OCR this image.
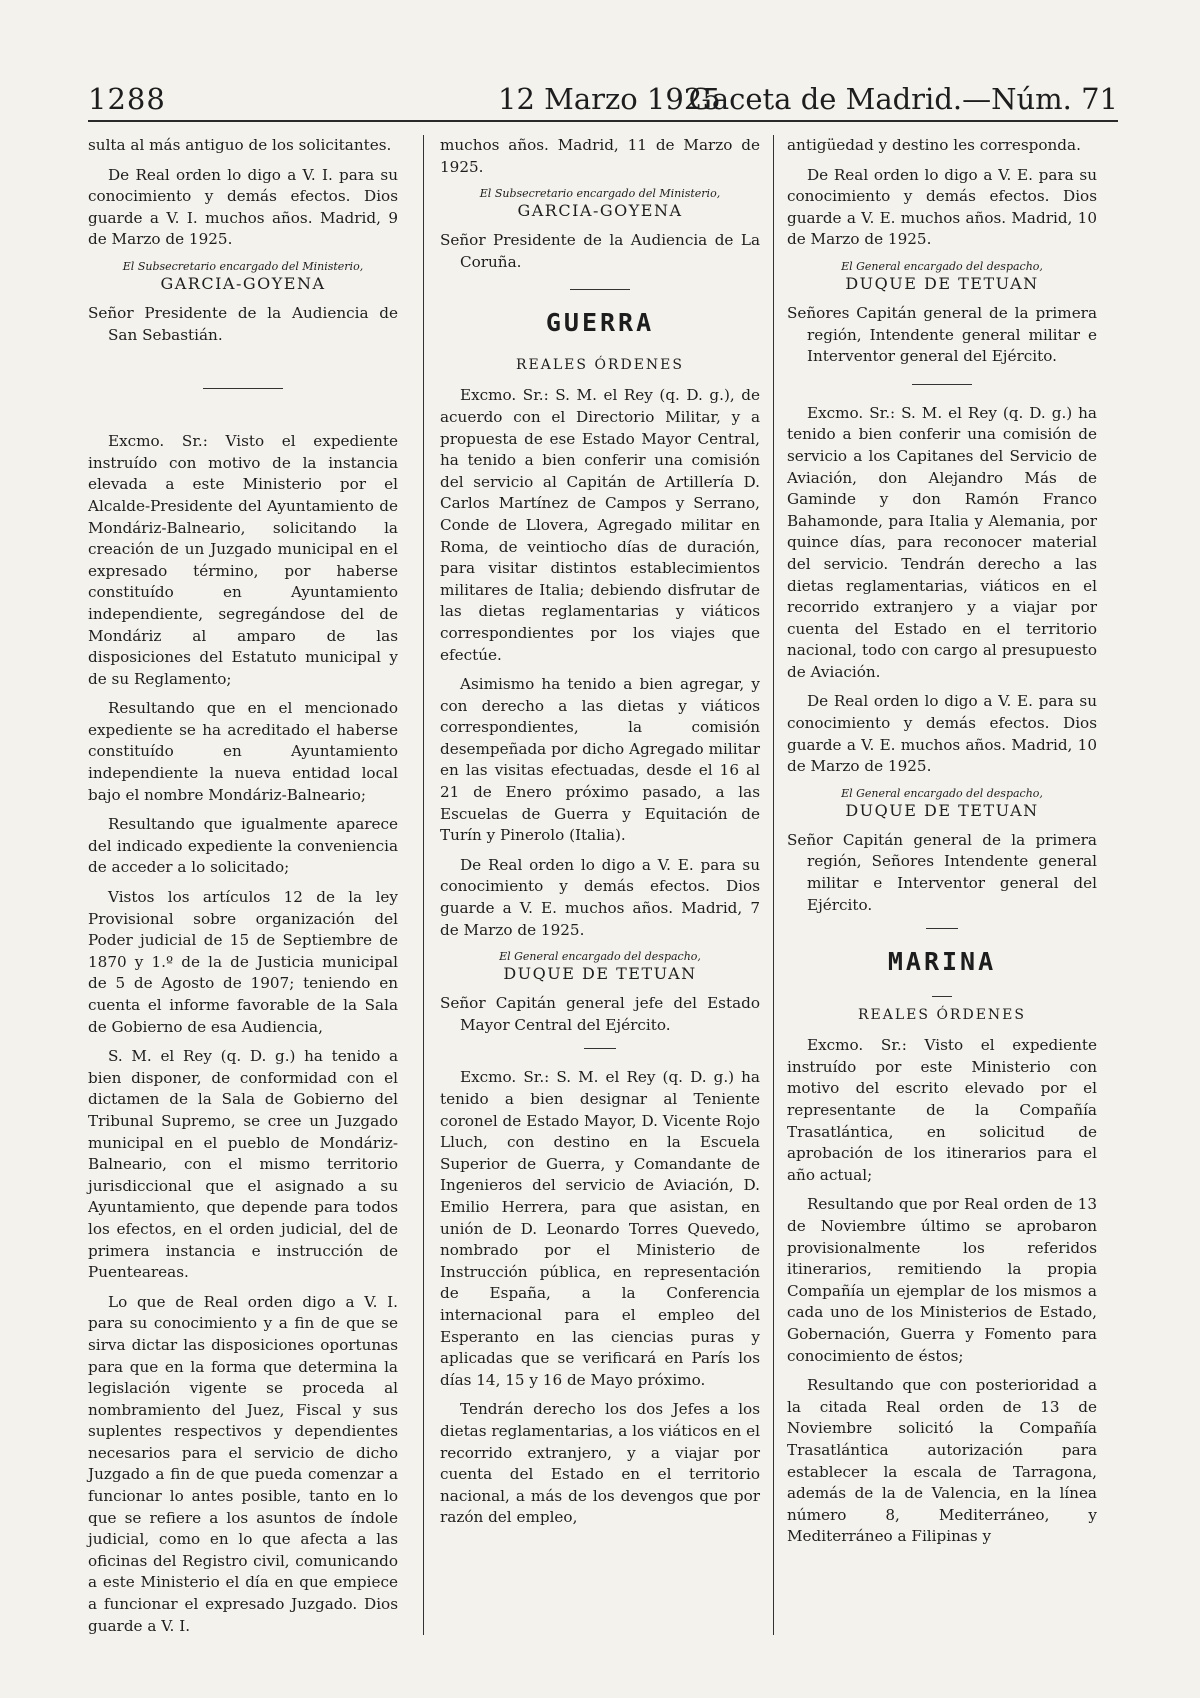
1288	12 Marzo 1925
Gaceta de Madrid.—Núm. 71

sulta al más antiguo de los solicitantes.

De Real orden lo digo a V. I. para su conocimiento y demás efectos. Dios guarde a V. I. muchos años. Madrid, 9 de Marzo de 1925.

El Subsecretario encargado del Ministerio,
GARCIA-GOYENA

Señor Presidente de la Audiencia de San Sebastián.

Excmo. Sr.: Visto el expediente instruído con motivo de la instancia elevada a este Ministerio por el Alcalde-Presidente del Ayuntamiento de Mondáriz-Balneario, solicitando la creación de un Juzgado municipal en el expresado término, por haberse constituído en Ayuntamiento independiente, segregándose del de Mondáriz al amparo de las disposiciones del Estatuto municipal y de su Reglamento;

Resultando que en el mencionado expediente se ha acreditado el haberse constituído en Ayuntamiento independiente la nueva entidad local bajo el nombre Mondáriz-Balneario;

Resultando que igualmente aparece del indicado expediente la conveniencia de acceder a lo solicitado;

Vistos los artículos 12 de la ley Provisional sobre organización del Poder judicial de 15 de Septiembre de 1870 y 1.º de la de Justicia municipal de 5 de Agosto de 1907; teniendo en cuenta el informe favorable de la Sala de Gobierno de esa Audiencia,

S. M. el Rey (q. D. g.) ha tenido a bien disponer, de conformidad con el dictamen de la Sala de Gobierno del Tribunal Supremo, se cree un Juzgado municipal en el pueblo de Mondáriz-Balneario, con el mismo territorio jurisdiccional que el asignado a su Ayuntamiento, que depende para todos los efectos, en el orden judicial, del de primera instancia e instrucción de Puenteareas.

Lo que de Real orden digo a V. I. para su conocimiento y a fin de que se sirva dictar las disposiciones oportunas para que en la forma que determina la legislación vigente se proceda al nombramiento del Juez, Fiscal y sus suplentes respectivos y dependientes necesarios para el servicio de dicho Juzgado a fin de que pueda comenzar a funcionar lo antes posible, tanto en lo que se refiere a los asuntos de índole judicial, como en lo que afecta a las oficinas del Registro civil, comunicando a este Ministerio el día en que empiece a funcionar el expresado Juzgado. Dios guarde a V. I.

muchos años. Madrid, 11 de Marzo de 1925.

El Subsecretario encargado del Ministerio,
GARCIA-GOYENA

Señor Presidente de la Audiencia de La Coruña.

GUERRA
REALES ÓRDENES

Excmo. Sr.: S. M. el Rey (q. D. g.), de acuerdo con el Directorio Militar, y a propuesta de ese Estado Mayor Central, ha tenido a bien conferir una comisión del servicio al Capitán de Artillería D. Carlos Martínez de Campos y Serrano, Conde de Llovera, Agregado militar en Roma, de veintiocho días de duración, para visitar distintos establecimientos militares de Italia; debiendo disfrutar de las dietas reglamentarias y viáticos correspondientes por los viajes que efectúe.

Asimismo ha tenido a bien agregar, y con derecho a las dietas y viáticos correspondientes, la comisión desempeñada por dicho Agregado militar en las visitas efectuadas, desde el 16 al 21 de Enero próximo pasado, a las Escuelas de Guerra y Equitación de Turín y Pinerolo (Italia).

De Real orden lo digo a V. E. para su conocimiento y demás efectos. Dios guarde a V. E. muchos años. Madrid, 7 de Marzo de 1925.

El General encargado del despacho,
DUQUE DE TETUAN

Señor Capitán general jefe del Estado Mayor Central del Ejército.

Excmo. Sr.: S. M. el Rey (q. D. g.) ha tenido a bien designar al Teniente coronel de Estado Mayor, D. Vicente Rojo Lluch, con destino en la Escuela Superior de Guerra, y Comandante de Ingenieros del servicio de Aviación, D. Emilio Herrera, para que asistan, en unión de D. Leonardo Torres Quevedo, nombrado por el Ministerio de Instrucción pública, en representación de España, a la Conferencia internacional para el empleo del Esperanto en las ciencias puras y aplicadas que se verificará en París los días 14, 15 y 16 de Mayo próximo.

Tendrán derecho los dos Jefes a los dietas reglamentarias, a los viáticos en el recorrido extranjero, y a viajar por cuenta del Estado en el territorio nacional, a más de los devengos que por razón del empleo,

antigüedad y destino les corresponda.

De Real orden lo digo a V. E. para su conocimiento y demás efectos. Dios guarde a V. E. muchos años. Madrid, 10 de Marzo de 1925.

El General encargado del despacho,
DUQUE DE TETUAN

Señores Capitán general de la primera región, Intendente general militar e Interventor general del Ejército.

Excmo. Sr.: S. M. el Rey (q. D. g.) ha tenido a bien conferir una comisión de servicio a los Capitanes del Servicio de Aviación, don Alejandro Más de Gaminde y don Ramón Franco Bahamonde, para Italia y Alemania, por quince días, para reconocer material del servicio. Tendrán derecho a las dietas reglamentarias, viáticos en el recorrido extranjero y a viajar por cuenta del Estado en el territorio nacional, todo con cargo al presupuesto de Aviación.

De Real orden lo digo a V. E. para su conocimiento y demás efectos. Dios guarde a V. E. muchos años. Madrid, 10 de Marzo de 1925.

El General encargado del despacho,
DUQUE DE TETUAN

Señor Capitán general de la primera región, Señores Intendente general militar e Interventor general del Ejército.

MARINA
REALES ÓRDENES

Excmo. Sr.: Visto el expediente instruído por este Ministerio con motivo del escrito elevado por el representante de la Compañía Trasatlántica, en solicitud de aprobación de los itinerarios para el año actual;

Resultando que por Real orden de 13 de Noviembre último se aprobaron provisionalmente los referidos itinerarios, remitiendo la propia Compañía un ejemplar de los mismos a cada uno de los Ministerios de Estado, Gobernación, Guerra y Fomento para conocimiento de éstos;

Resultando que con posterioridad a la citada Real orden de 13 de Noviembre solicitó la Compañía Trasatlántica autorización para establecer la escala de Tarragona, además de la de Valencia, en la línea número 8, Mediterráneo, y Mediterráneo a Filipinas y
